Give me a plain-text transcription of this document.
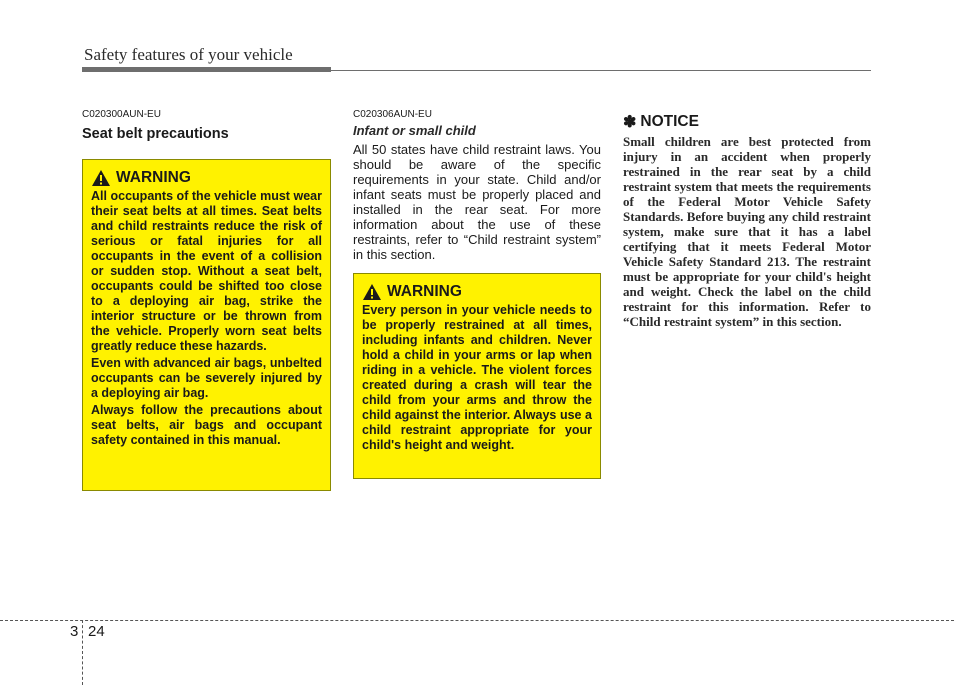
Safety features of your vehicle

C020300AUN-EU

Seat belt precautions

WARNING

All occupants of the vehicle must wear their seat belts at all times. Seat belts and child restraints reduce the risk of serious or fatal injuries for all occupants in the event of a collision or sudden stop. Without a seat belt, occupants could be shifted too close to a deploying air bag, strike the interior structure or be thrown from the vehicle. Properly worn seat belts greatly reduce these hazards.

Even with advanced air bags, unbelted occupants can be severely injured by a deploying air bag.

Always follow the precautions about seat belts, air bags and occupant safety contained in this manual.

C020306AUN-EU

Infant or small child

All 50 states have child restraint laws. You should be aware of the specific requirements in your state. Child and/or infant seats must be properly placed and installed in the rear seat. For more information about the use of these restraints, refer to “Child restraint system” in this section.

WARNING

Every person in your vehicle needs to be properly restrained at all times, including infants and children. Never hold a child in your arms or lap when riding in a vehicle. The violent forces created during a crash will tear the child from your arms and throw the child against the interior. Always use a child restraint appropriate for your child's height and weight.

✽ NOTICE

Small children are best protected from injury in an accident when properly restrained in the rear seat by a child restraint system that meets the requirements of the Federal Motor Vehicle Safety Standards. Before buying any child restraint system, make sure that it has a label certifying that it meets Federal Motor Vehicle Safety Standard 213. The restraint must be appropriate for your child's height and weight. Check the label on the child restraint for this information. Refer to “Child restraint system” in this section.

3 24
